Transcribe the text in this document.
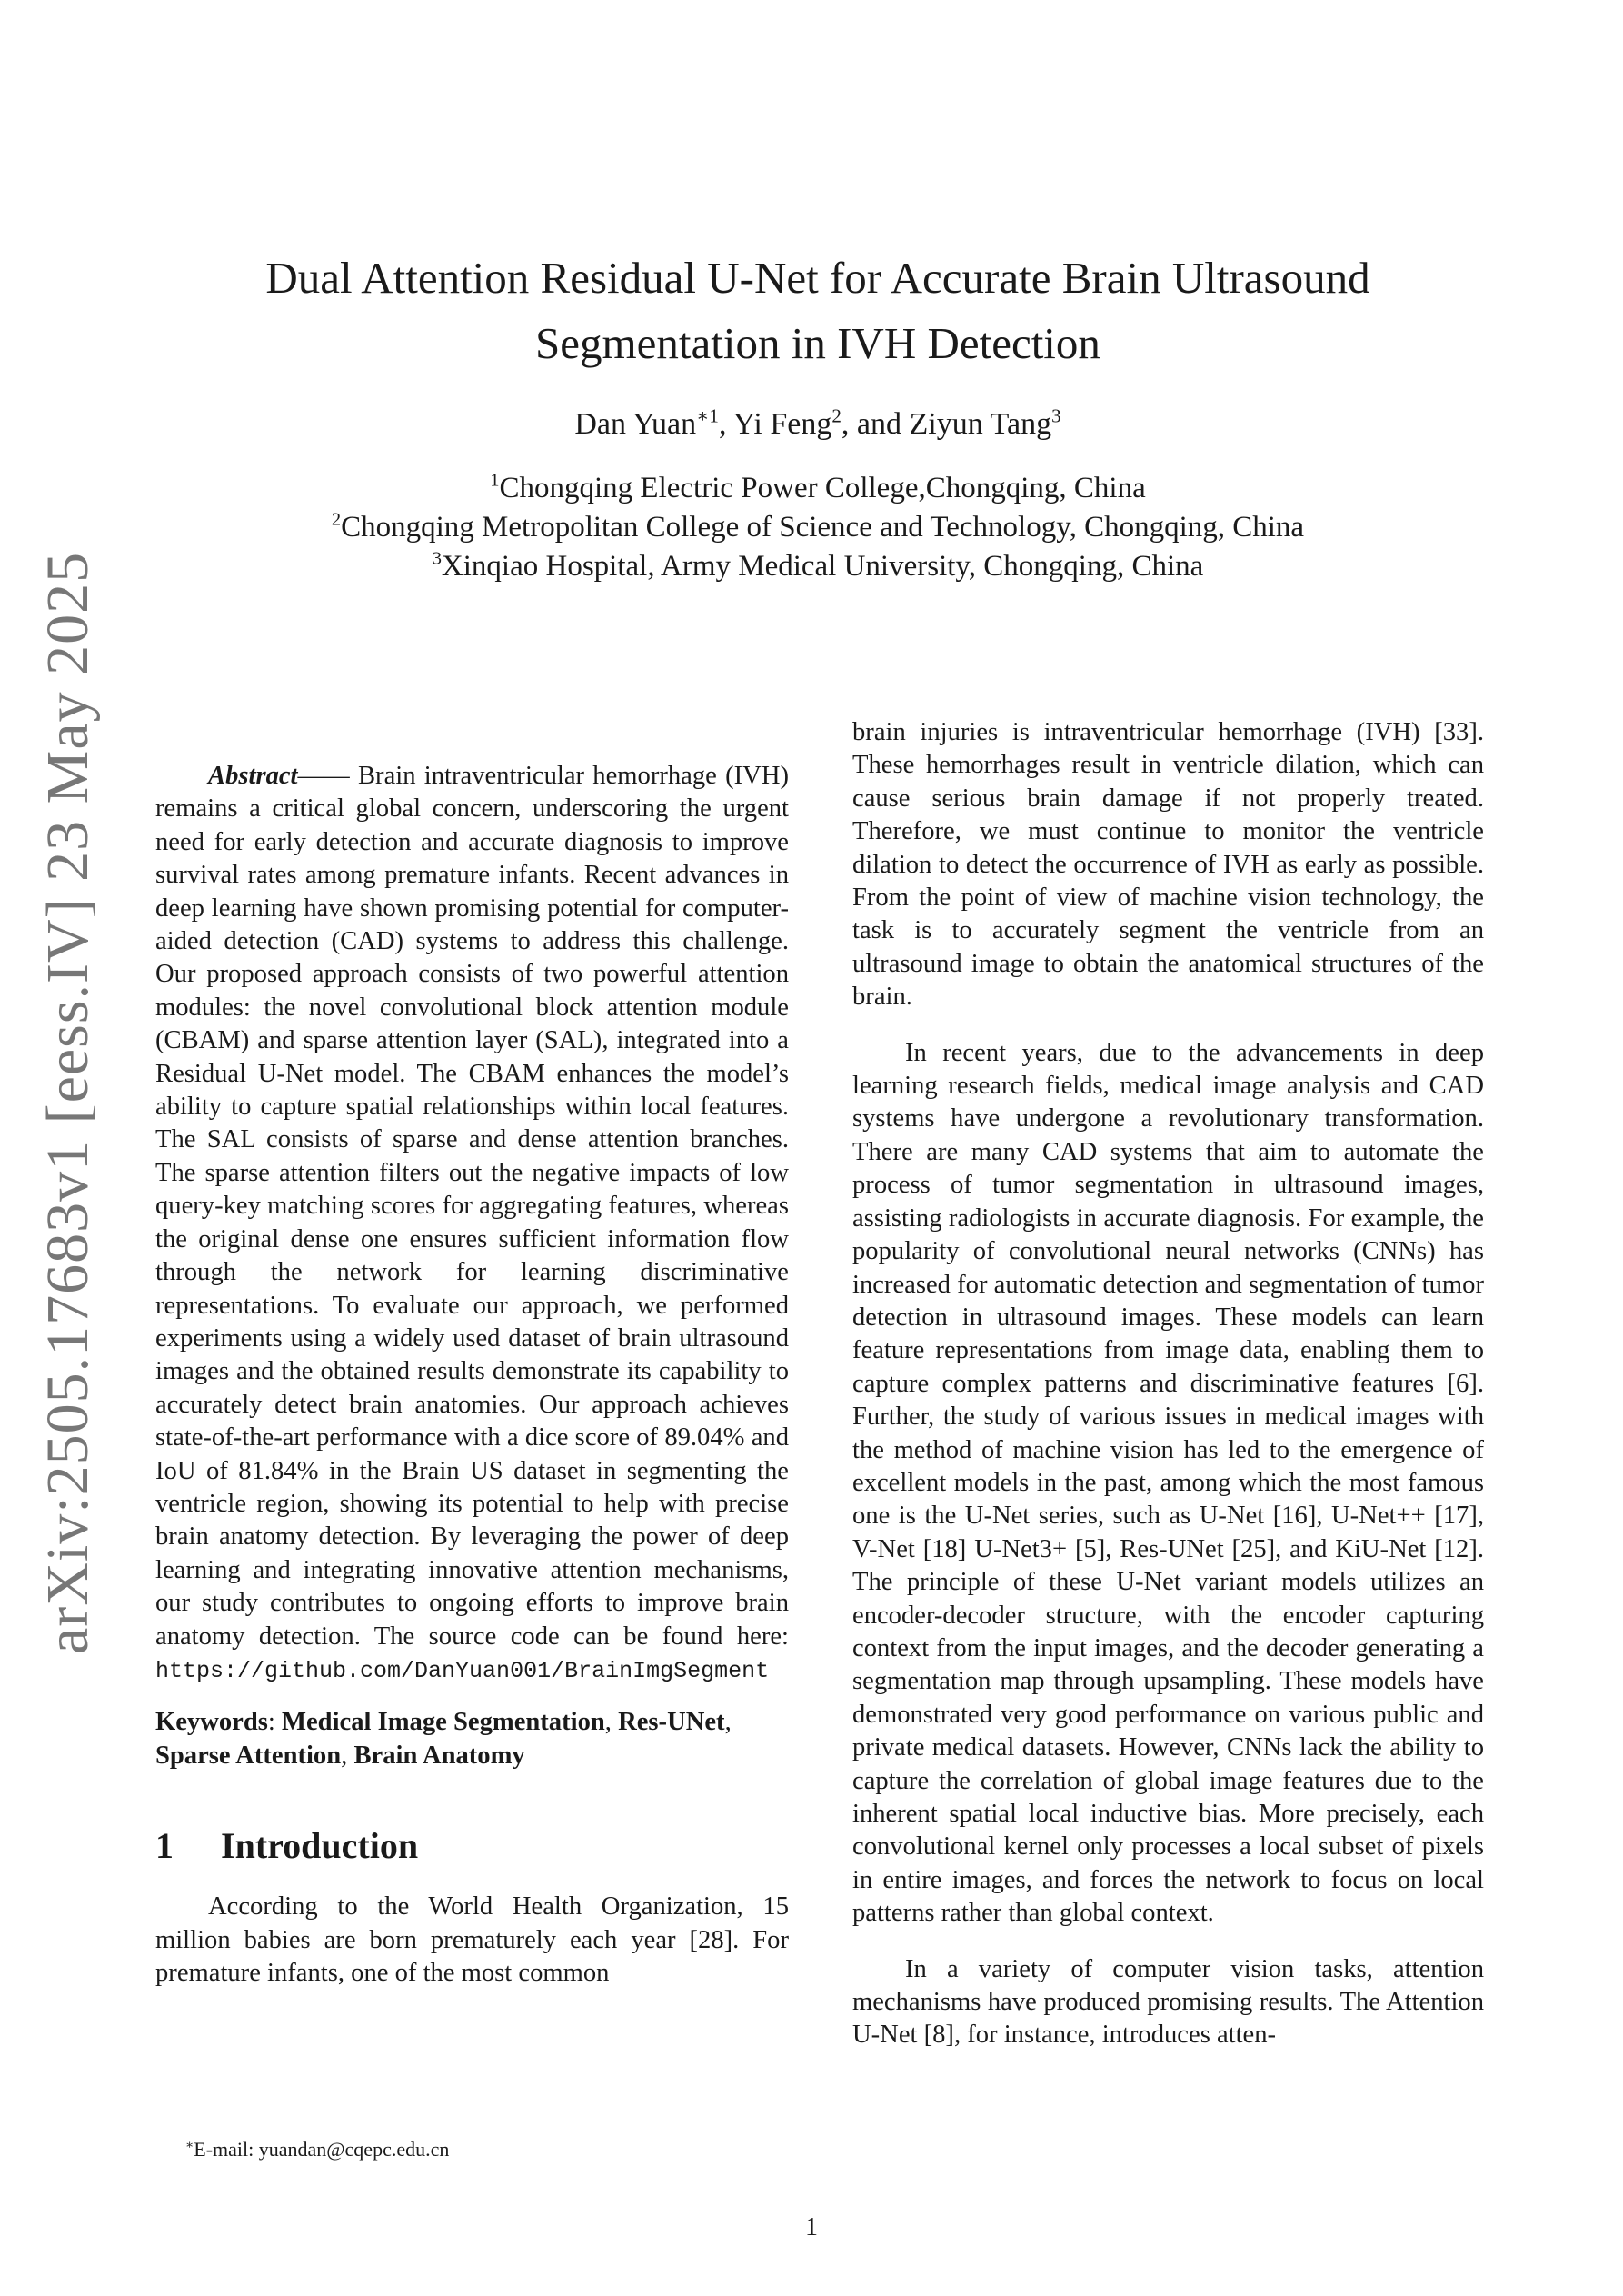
arXiv:2505.17683v1 [eess.IV] 23 May 2025
Dual Attention Residual U-Net for Accurate Brain Ultrasound
Segmentation in IVH Detection
Dan Yuan$^{∗1}$, Yi Feng$^2$, and Ziyun Tang$^3$
$^1$Chongqing Electric Power College,Chongqing, China
$^2$Chongqing Metropolitan College of Science and Technology, Chongqing, China
$^3$Xinqiao Hospital, Army Medical University, Chongqing, China

Abstract—— Brain intraventricular hemorrhage (IVH) remains a critical global concern, underscoring the urgent need for early detection and accurate diagnosis to improve survival rates among premature infants. Recent advances in deep learning have shown promising potential for computer-aided detection (CAD) systems to address this challenge. Our proposed approach consists of two powerful attention modules: the novel convolutional block attention module (CBAM) and sparse attention layer (SAL), integrated into a Residual U-Net model. The CBAM enhances the model’s ability to capture spatial relationships within local features. The SAL consists of sparse and dense attention branches. The sparse attention filters out the negative impacts of low query-key matching scores for aggregating features, whereas the original dense one ensures sufficient information flow through the network for learning discriminative representations. To evaluate our approach, we performed experiments using a widely used dataset of brain ultrasound images and the obtained results demonstrate its capability to accurately detect brain anatomies. Our approach achieves state-of-the-art performance with a dice score of 89.04% and IoU of 81.84% in the Brain US dataset in segmenting the ventricle region, showing its potential to help with precise brain anatomy detection. By leveraging the power of deep learning and integrating innovative attention mechanisms, our study contributes to ongoing efforts to improve brain anatomy detection. The source code can be found here: https://github.com/DanYuan001/BrainImgSegment

Keywords: Medical Image Segmentation, Res-UNet, Sparse Attention, Brain Anatomy

1 Introduction

According to the World Health Organization, 15 million babies are born prematurely each year [28]. For premature infants, one of the most common

brain injuries is intraventricular hemorrhage (IVH) [33]. These hemorrhages result in ventricle dilation, which can cause serious brain damage if not properly treated. Therefore, we must continue to monitor the ventricle dilation to detect the occurrence of IVH as early as possible. From the point of view of machine vision technology, the task is to accurately segment the ventricle from an ultrasound image to obtain the anatomical structures of the brain.

In recent years, due to the advancements in deep learning research fields, medical image analysis and CAD systems have undergone a revolutionary transformation. There are many CAD systems that aim to automate the process of tumor segmentation in ultrasound images, assisting radiologists in accurate diagnosis. For example, the popularity of convolutional neural networks (CNNs) has increased for automatic detection and segmentation of tumor detection in ultrasound images. These models can learn feature representations from image data, enabling them to capture complex patterns and discriminative features [6]. Further, the study of various issues in medical images with the method of machine vision has led to the emergence of excellent models in the past, among which the most famous one is the U-Net series, such as U-Net [16], U-Net++ [17], V-Net [18] U-Net3+ [5], Res-UNet [25], and KiU-Net [12]. The principle of these U-Net variant models utilizes an encoder-decoder structure, with the encoder capturing context from the input images, and the decoder generating a segmentation map through upsampling. These models have demonstrated very good performance on various public and private medical datasets. However, CNNs lack the ability to capture the correlation of global image features due to the inherent spatial local inductive bias. More precisely, each convolutional kernel only processes a local subset of pixels in entire images, and forces the network to focus on local patterns rather than global context.

In a variety of computer vision tasks, attention mechanisms have produced promising results. The Attention U-Net [8], for instance, introduces atten-

∗E-mail: yuandan@cqepc.edu.cn
1
